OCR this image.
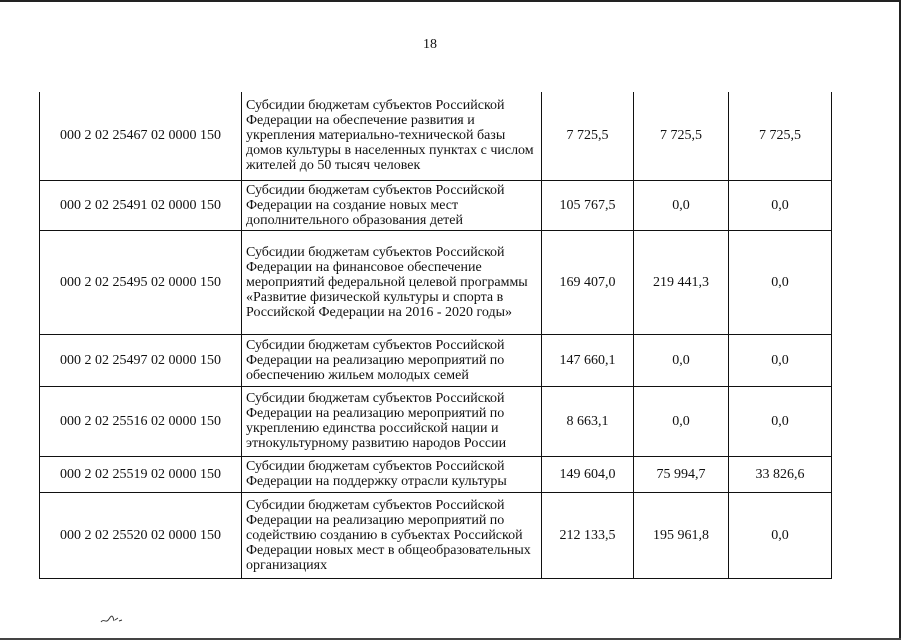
18
000 2 02 25467 02 0000 150	Субсидии бюджетам субъектов Российской Федерации на обеспечение развития и укрепления материально-технической базы домов культуры в населенных пунктах с числом жителей до 50 тысяч человек	7 725,5	7 725,5	7 725,5
000 2 02 25491 02 0000 150	Субсидии бюджетам субъектов Российской Федерации на создание новых мест дополнительного образования детей	105 767,5	0,0	0,0
000 2 02 25495 02 0000 150	Субсидии бюджетам субъектов Российской Федерации на финансовое обеспечение мероприятий федеральной целевой программы «Развитие физической культуры и спорта в Российской Федерации на 2016 - 2020 годы»	169 407,0	219 441,3	0,0
000 2 02 25497 02 0000 150	Субсидии бюджетам субъектов Российской Федерации на реализацию мероприятий по обеспечению жильем молодых семей	147 660,1	0,0	0,0
000 2 02 25516 02 0000 150	Субсидии бюджетам субъектов Российской Федерации на реализацию мероприятий по укреплению единства российской нации и этнокультурному развитию народов России	8 663,1	0,0	0,0
000 2 02 25519 02 0000 150	Субсидии бюджетам субъектов Российской Федерации на поддержку отрасли культуры	149 604,0	75 994,7	33 826,6
000 2 02 25520 02 0000 150	Субсидии бюджетам субъектов Российской Федерации на реализацию мероприятий по содействию созданию в субъектах Российской Федерации новых мест в общеобразовательных организациях	212 133,5	195 961,8	0,0
